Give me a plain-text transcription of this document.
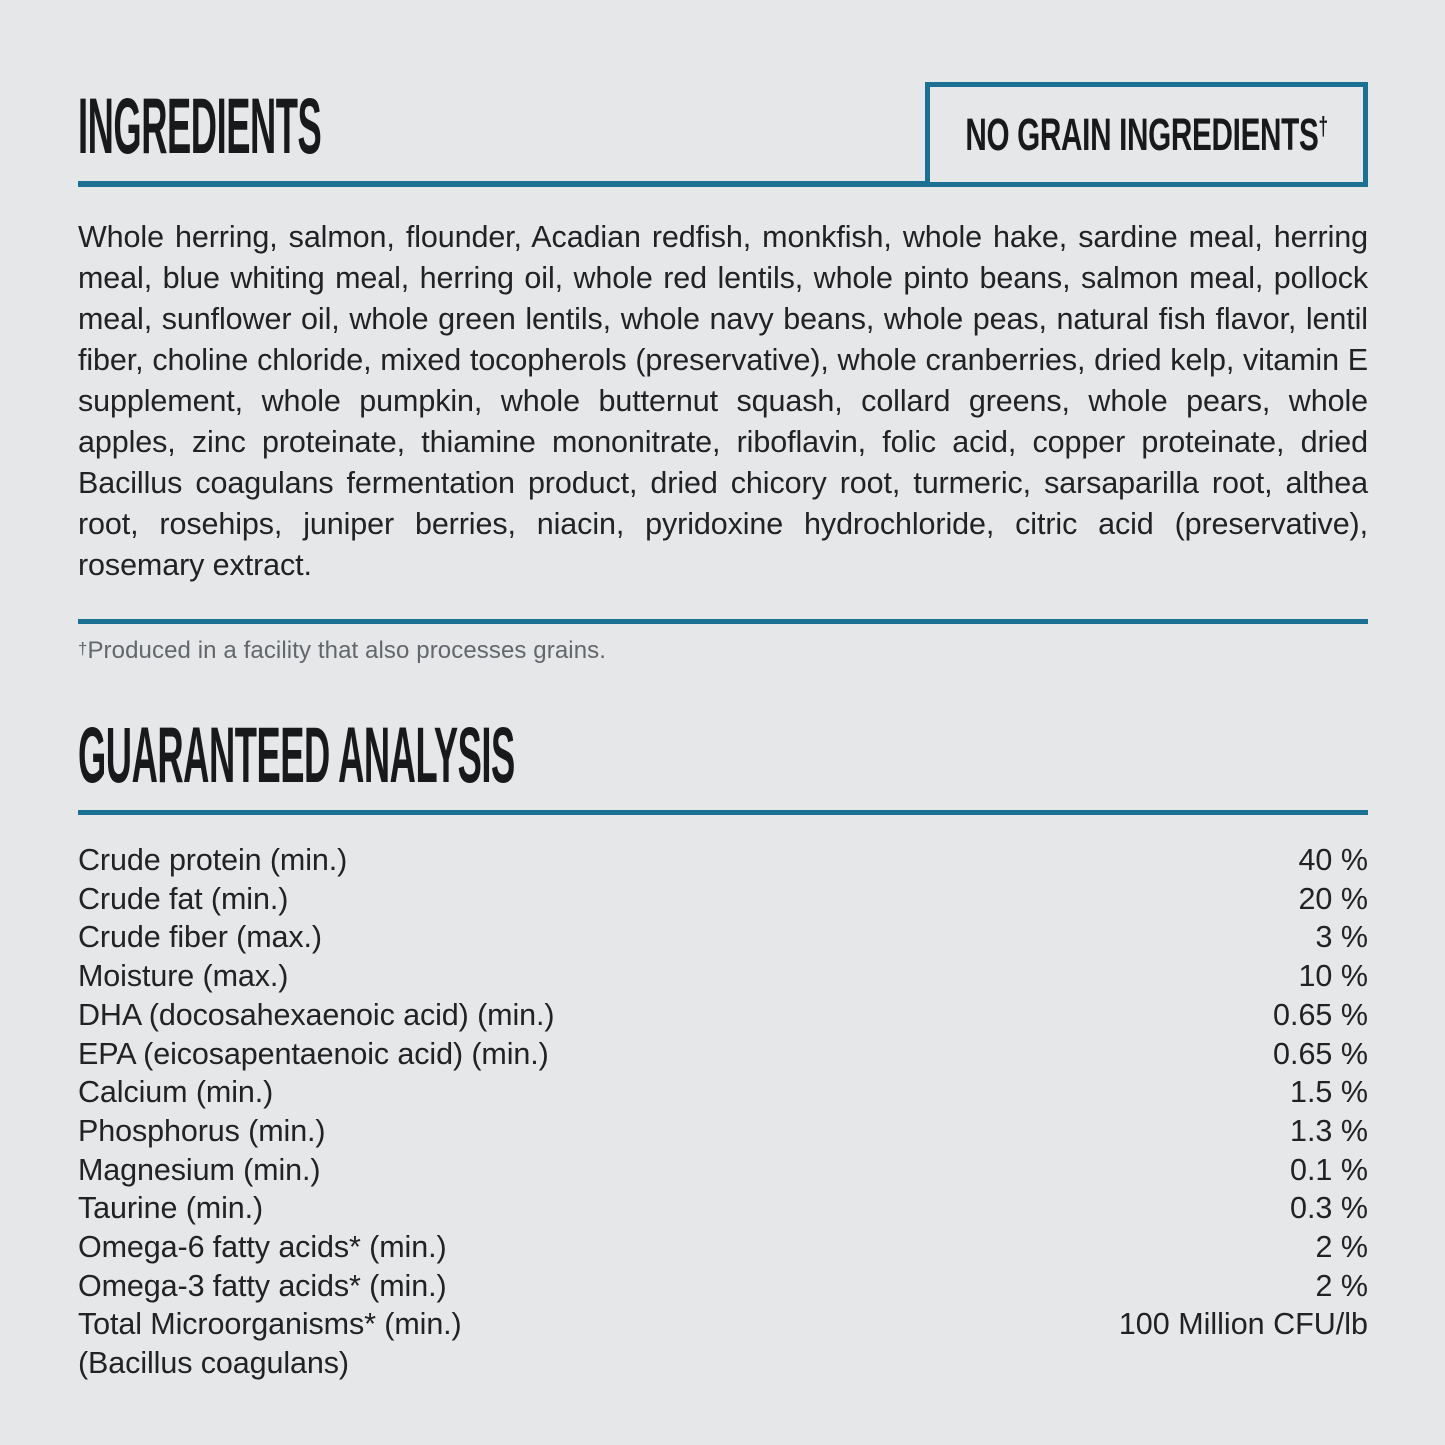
INGREDIENTS	NO GRAIN INGREDIENTS†

Whole herring, salmon, flounder, Acadian redfish, monkfish, whole hake, sardine meal, herring meal, blue whiting meal, herring oil, whole red lentils, whole pinto beans, salmon meal, pollock meal, sunflower oil, whole green lentils, whole navy beans, whole peas, natural fish flavor, lentil fiber, choline chloride, mixed tocopherols (preservative), whole cranberries, dried kelp, vitamin E supplement, whole pumpkin, whole butternut squash, collard greens, whole pears, whole apples, zinc proteinate, thiamine mononitrate, riboflavin, folic acid, copper proteinate, dried Bacillus coagulans fermentation product, dried chicory root, turmeric, sarsaparilla root, althea root, rosehips, juniper berries, niacin, pyridoxine hydrochloride, citric acid (preservative), rosemary extract.

†Produced in a facility that also processes grains.

GUARANTEED ANALYSIS
Crude protein (min.)	40 %
Crude fat (min.)	20 %
Crude fiber (max.)	3 %
Moisture (max.)	10 %
DHA (docosahexaenoic acid) (min.)	0.65 %
EPA (eicosapentaenoic acid) (min.)	0.65 %
Calcium (min.)	1.5 %
Phosphorus (min.)	1.3 %
Magnesium (min.)	0.1 %
Taurine (min.)	0.3 %
Omega-6 fatty acids* (min.)	2 %
Omega-3 fatty acids* (min.)	2 %
Total Microorganisms* (min.)	100 Million CFU/lb
(Bacillus coagulans)
